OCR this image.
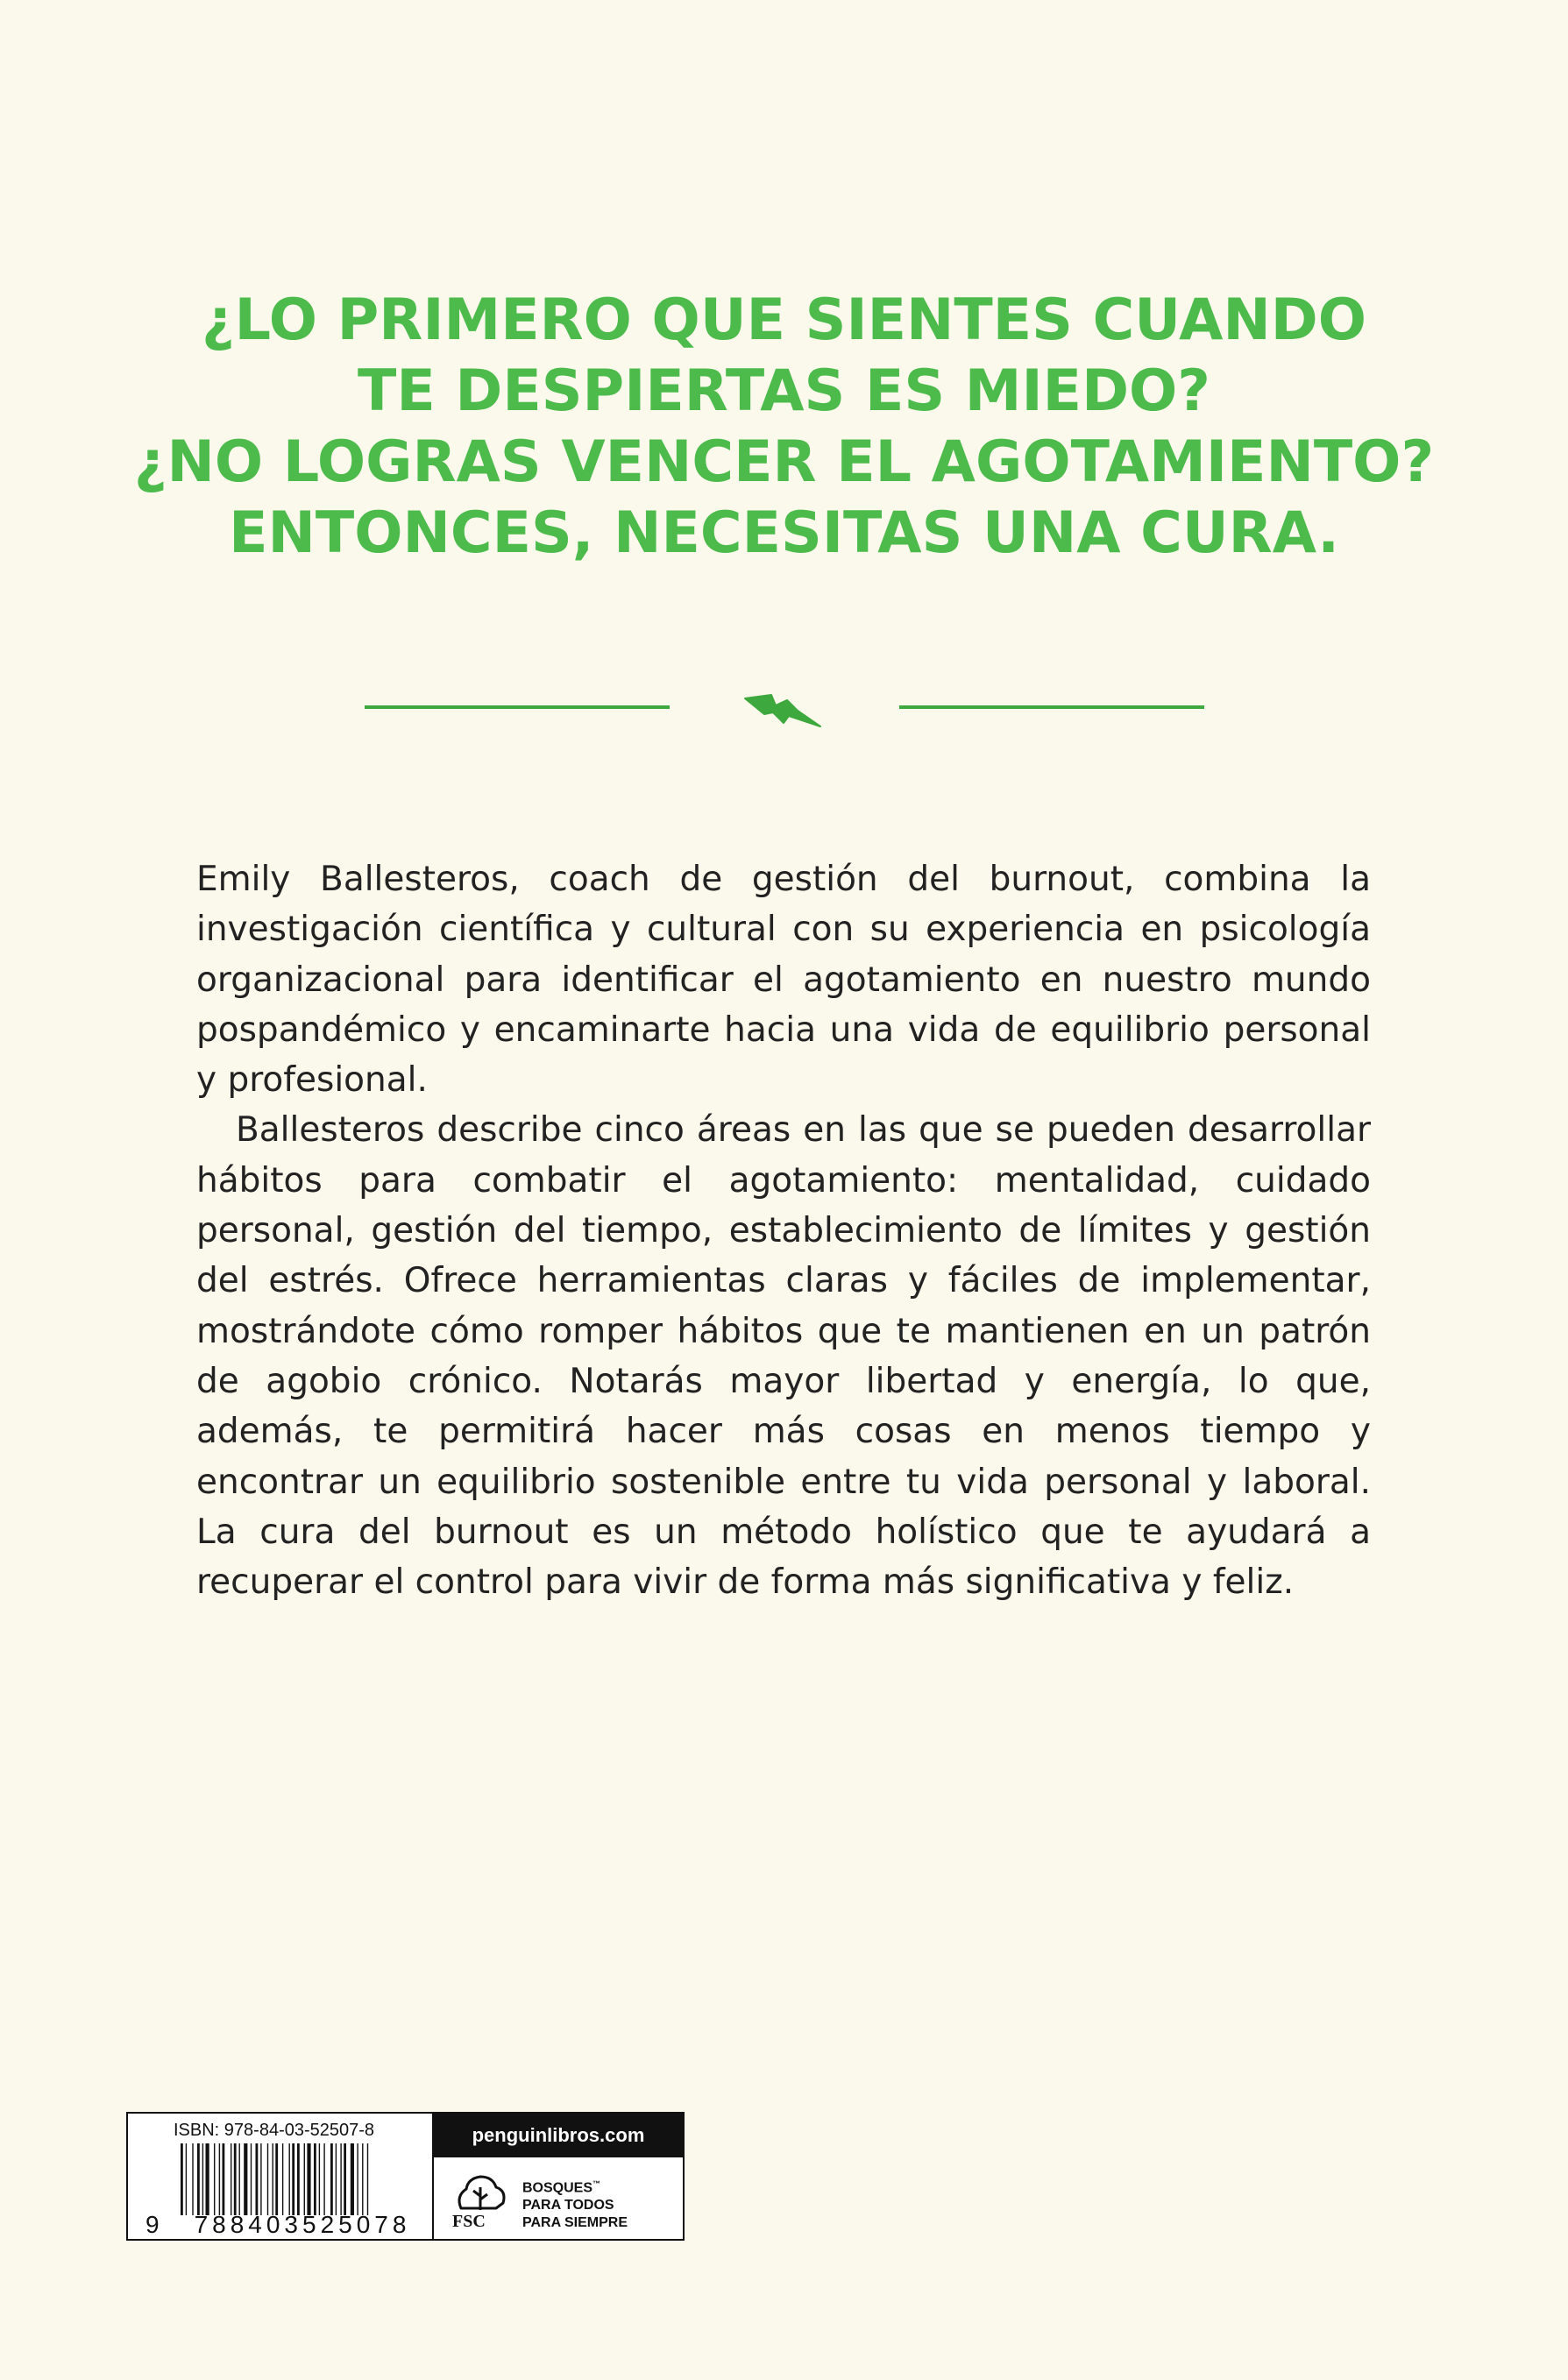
¿LO PRIMERO QUE SIENTES CUANDO
TE DESPIERTAS ES MIEDO?
¿NO LOGRAS VENCER EL AGOTAMIENTO?
ENTONCES, NECESITAS UNA CURA.

Emily Ballesteros, coach de gestión del burnout, combina la investigación científica y cultural con su experiencia en psicología organizacional para identificar el agotamiento en nuestro mundo pospandémico y encaminarte hacia una vida de equilibrio personal y profesional.

Ballesteros describe cinco áreas en las que se pueden desarrollar hábitos para combatir el agotamiento: mentalidad, cuidado personal, gestión del tiempo, establecimiento de límites y gestión del estrés. Ofrece herramientas claras y fáciles de implementar, mostrándote cómo romper hábitos que te mantienen en un patrón de agobio crónico. Notarás mayor libertad y energía, lo que, además, te permitirá hacer más cosas en menos tiempo y encontrar un equilibrio sostenible entre tu vida personal y laboral. La cura del burnout es un método holístico que te ayudará a recuperar el control para vivir de forma más significativa y feliz.

ISBN: 978-84-03-52507-8
9	788403525078
penguinlibros.com
FSC
BOSQUES™
PARA TODOS
PARA SIEMPRE
